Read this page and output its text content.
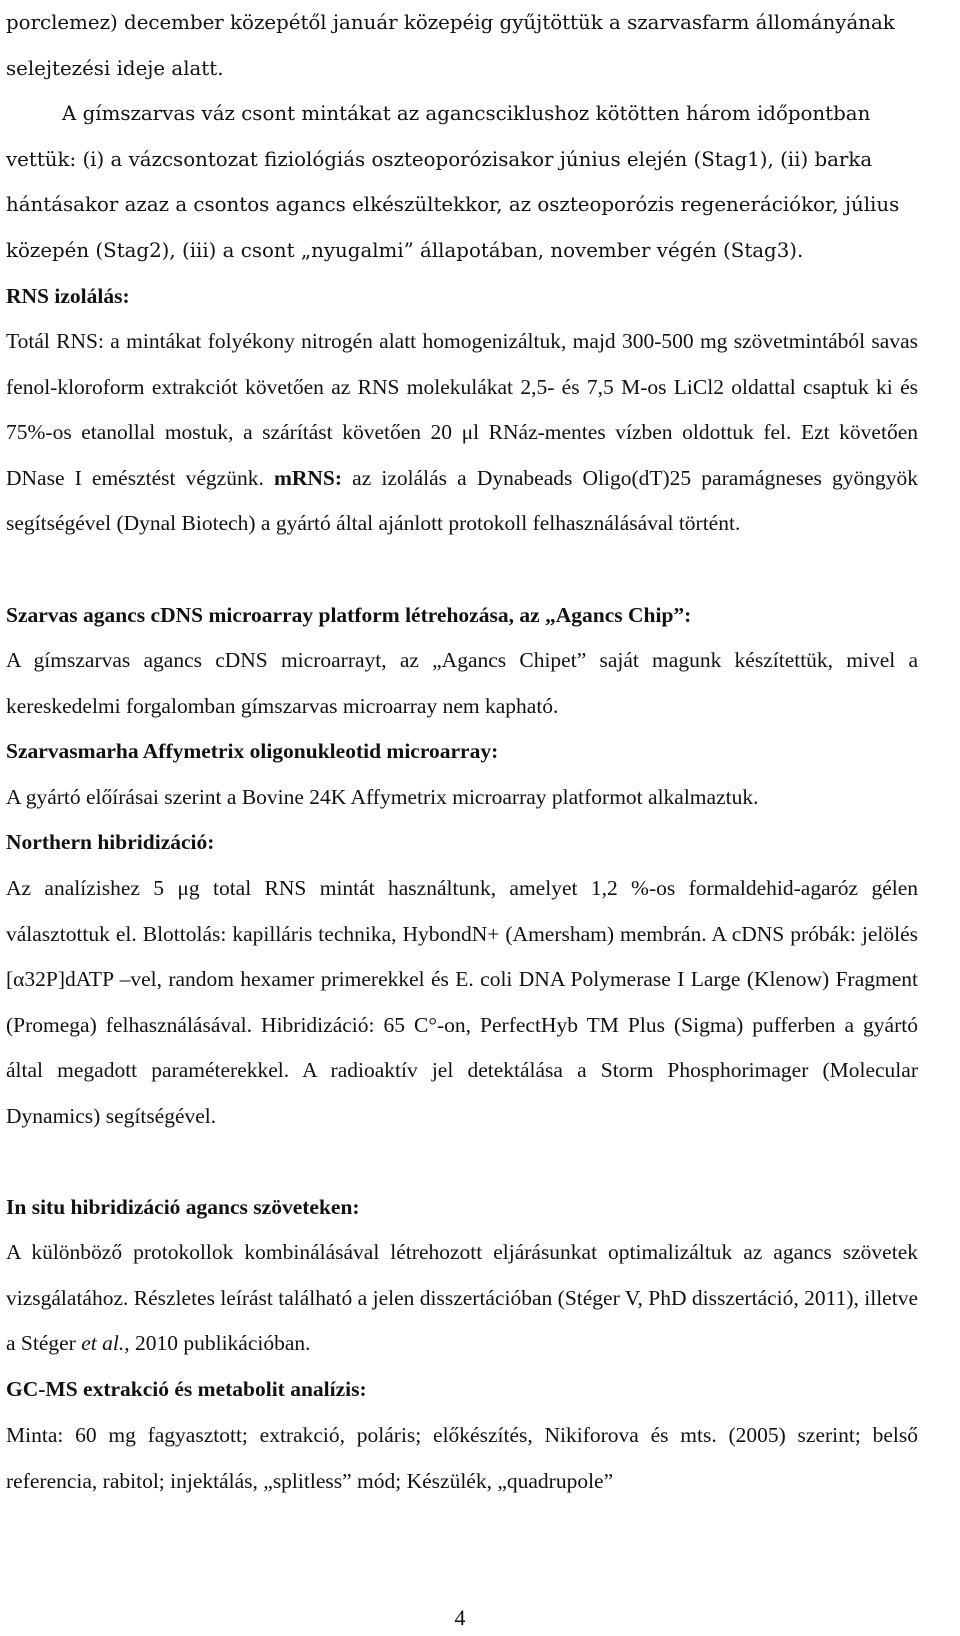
porclemez) december közepétől január közepéig gyűjtöttük a szarvasfarm állományának selejtezési ideje alatt.

A gímszarvas váz csont mintákat az agancsciklushoz kötötten három időpontban vettük: (i) a vázcsontozat fiziológiás oszteoporózisakor június elején (Stag1), (ii) barka hántásakor azaz a csontos agancs elkészültekkor, az oszteoporózis regenerációkor, július közepén (Stag2), (iii) a csont „nyugalmi” állapotában, november végén (Stag3).

RNS izolálás:

Totál RNS: a mintákat folyékony nitrogén alatt homogenizáltuk, majd 300-500 mg szövetmintából savas fenol-kloroform extrakciót követően az RNS molekulákat 2,5- és 7,5 M-os LiCl2 oldattal csaptuk ki és 75%-os etanollal mostuk, a szárítást követően 20 μl RNáz-mentes vízben oldottuk fel. Ezt követően DNase I emésztést végzünk. mRNS: az izolálás a Dynabeads Oligo(dT)25 paramágneses gyöngyök segítségével (Dynal Biotech) a gyártó által ajánlott protokoll felhasználásával történt.

Szarvas agancs cDNS microarray platform létrehozása, az „Agancs Chip”:

A gímszarvas agancs cDNS microarrayt, az „Agancs Chipet” saját magunk készítettük, mivel a kereskedelmi forgalomban gímszarvas microarray nem kapható.

Szarvasmarha Affymetrix oligonukleotid microarray:

A gyártó előírásai szerint a Bovine 24K Affymetrix microarray platformot alkalmaztuk.

Northern hibridizáció:

Az analízishez 5 μg total RNS mintát használtunk, amelyet 1,2 %-os formaldehid-agaróz gélen választottuk el. Blottolás: kapilláris technika, HybondN+ (Amersham) membrán. A cDNS próbák: jelölés [α32P]dATP –vel, random hexamer primerekkel és E. coli DNA Polymerase I Large (Klenow) Fragment (Promega) felhasználásával. Hibridizáció: 65 C°-on, PerfectHyb TM Plus (Sigma) pufferben a gyártó által megadott paraméterekkel. A radioaktív jel detektálása a Storm Phosphorimager (Molecular Dynamics) segítségével.

In situ hibridizáció agancs szöveteken:

A különböző protokollok kombinálásával létrehozott eljárásunkat optimalizáltuk az agancs szövetek vizsgálatához. Részletes leírást található a jelen disszertációban (Stéger V, PhD disszertáció, 2011), illetve a Stéger et al., 2010 publikációban.

GC-MS extrakció és metabolit analízis:

Minta: 60 mg fagyasztott; extrakció, poláris; előkészítés, Nikiforova és mts. (2005) szerint; belső referencia, rabitol; injektálás, „splitless” mód; Készülék, „quadrupole”

4
